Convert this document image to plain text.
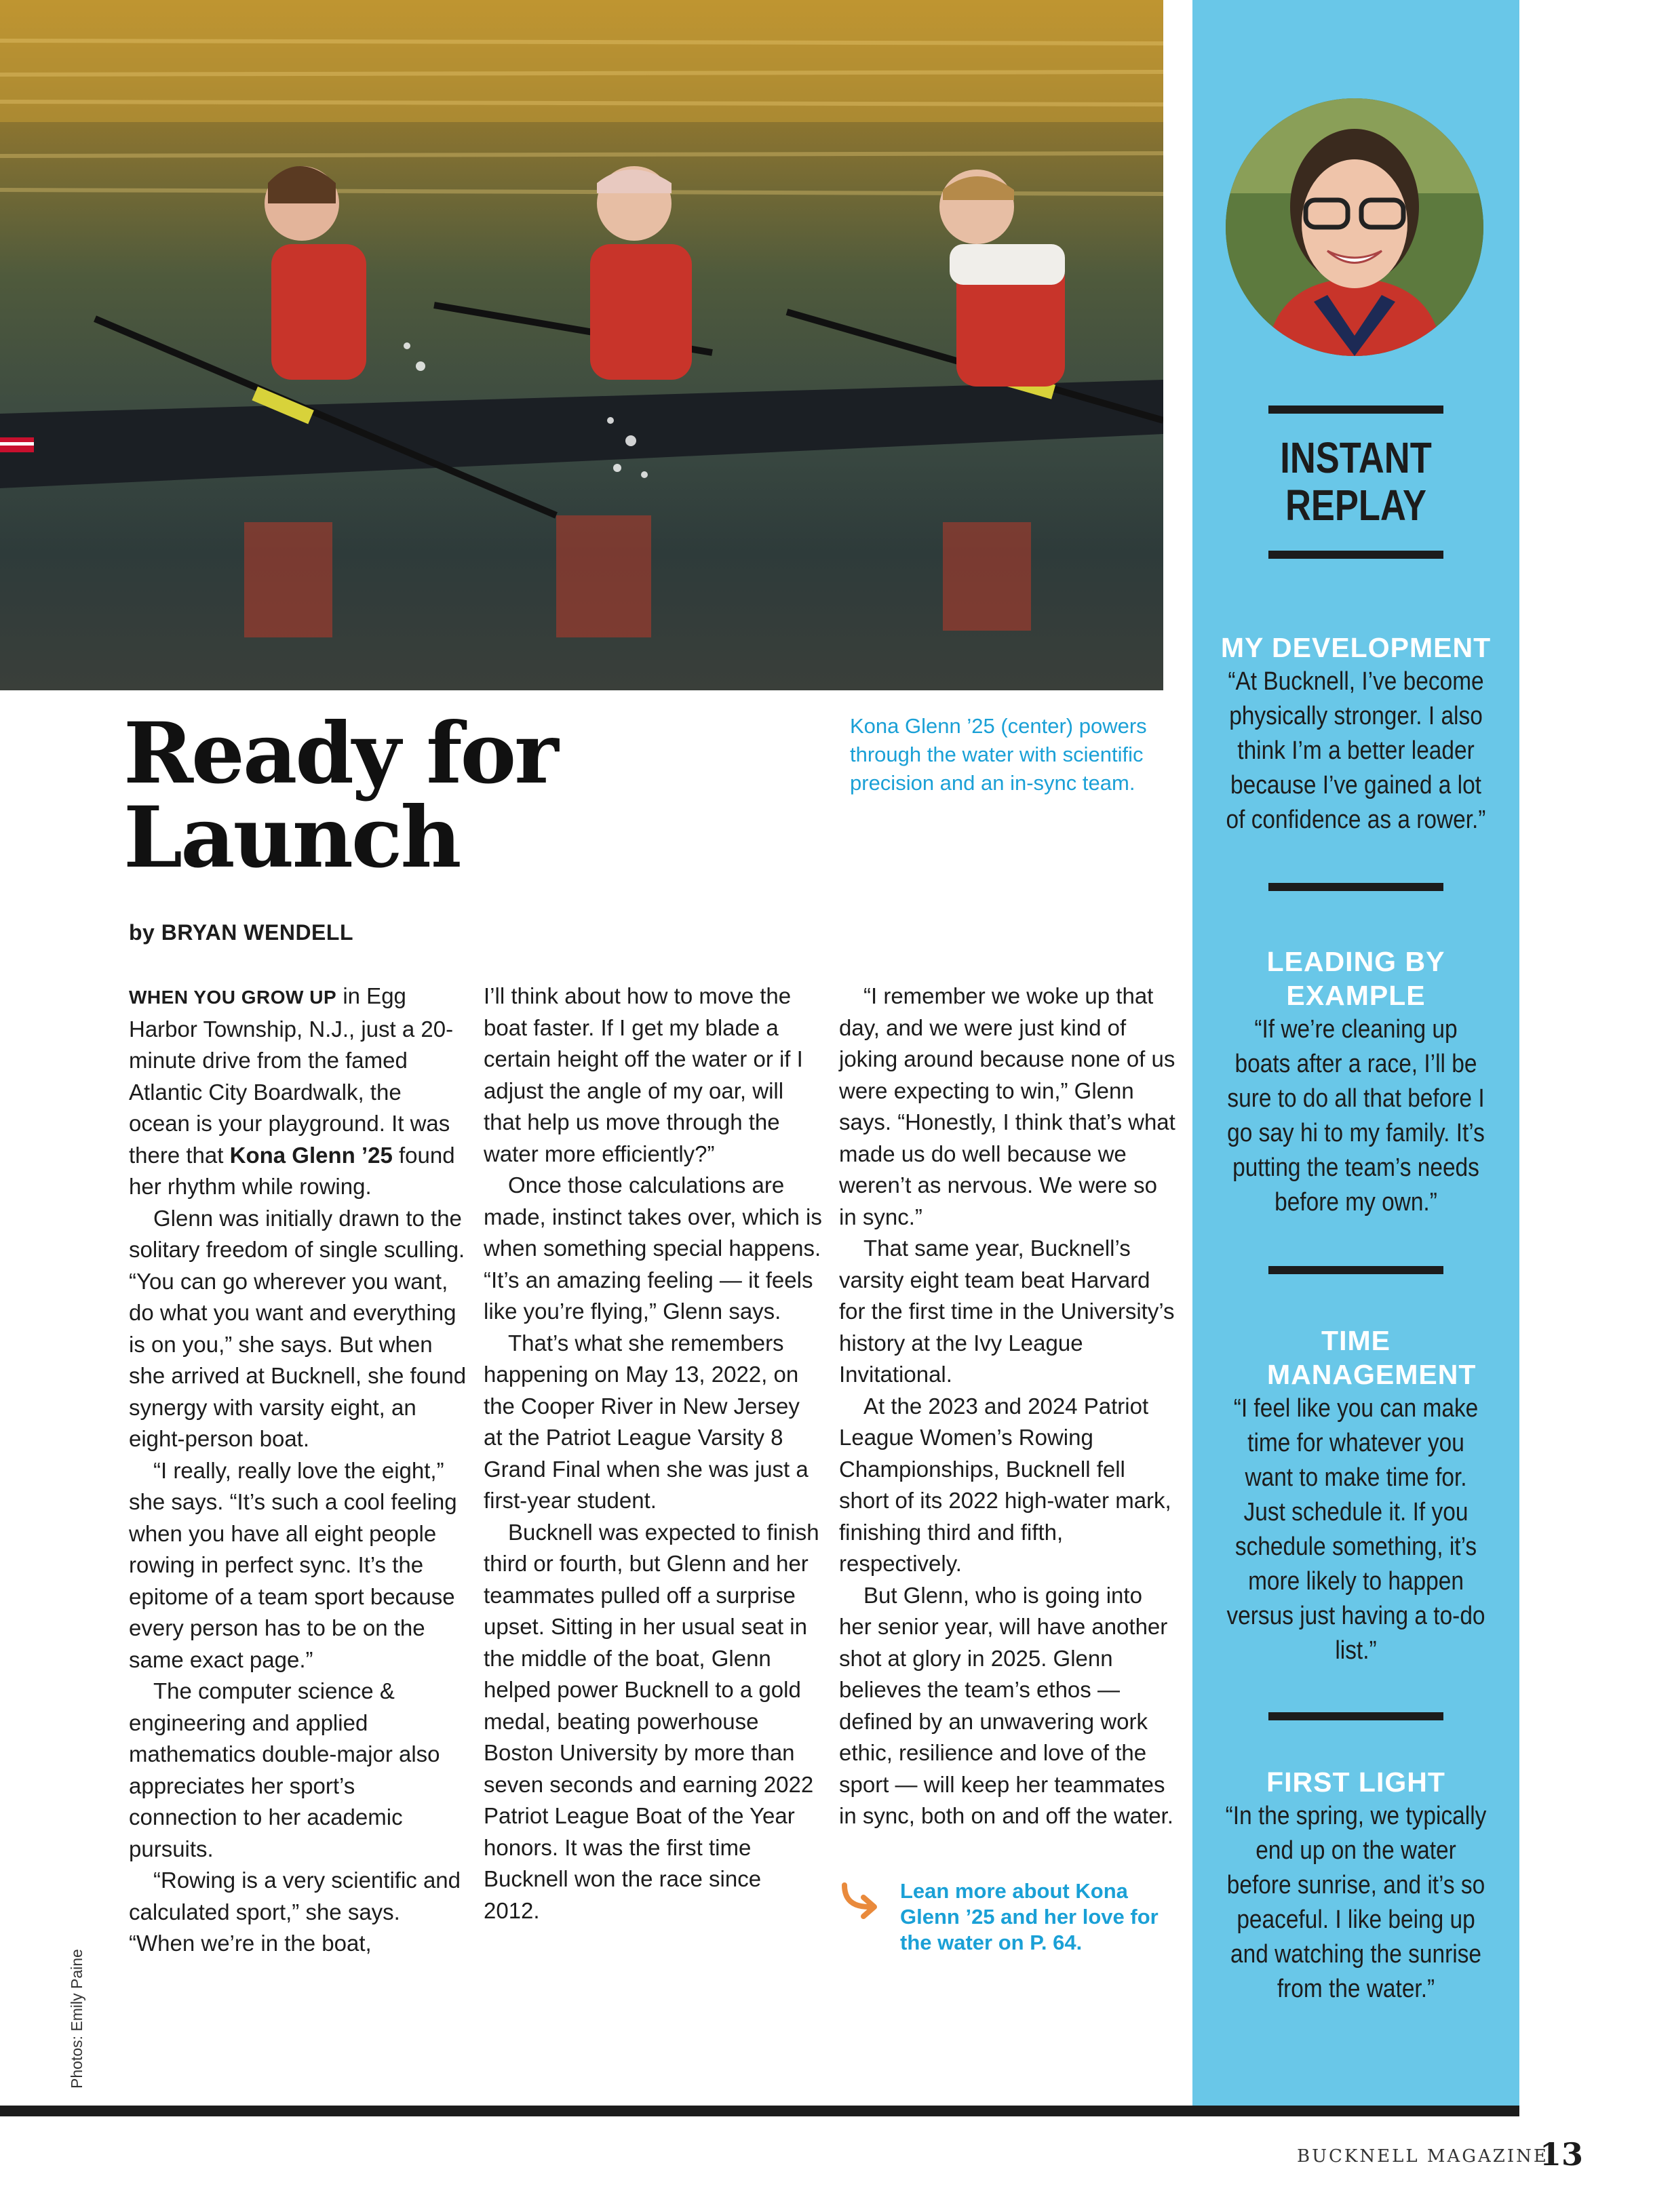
INSTANT
REPLAY
MY DEVELOPMENT
“At Bucknell, I’ve become physically stronger. I also think I’m a better leader because I’ve gained a lot of confidence as a rower.”
LEADING BY EXAMPLE
“If we’re cleaning up boats after a race, I’ll be sure to do all that before I go say hi to my family. It’s putting the team’s needs before my own.”
TIME MANAGEMENT
“I feel like you can make time for whatever you want to make time for. Just schedule it. If you schedule something, it’s more likely to happen versus just having a to-do list.”
FIRST LIGHT
“In the spring, we typically end up on the water before sunrise, and it’s so peaceful. I like being up and watching the sunrise from the water.”
Ready for
Launch
by BRYAN WENDELL
Kona Glenn ’25 (center) powers through the water with scientific precision and an in-sync team.

WHEN YOU GROW UP in Egg Harbor Township, N.J., just a 20-minute drive from the famed Atlantic City Boardwalk, the ocean is your playground. It was there that Kona Glenn ’25 found her rhythm while rowing.

Glenn was initially drawn to the solitary freedom of single sculling. “You can go wherever you want, do what you want and everything is on you,” she says. But when she arrived at Bucknell, she found synergy with varsity eight, an eight-person boat.

“I really, really love the eight,” she says. “It’s such a cool feeling when you have all eight people rowing in perfect sync. It’s the epitome of a team sport because every person has to be on the same exact page.”

The computer science & engineering and applied mathematics double-major also appreciates her sport’s connection to her academic pursuits.

“Rowing is a very scientific and calculated sport,” she says. “When we’re in the boat,

I’ll think about how to move the boat faster. If I get my blade a certain height off the water or if I adjust the angle of my oar, will that help us move through the water more efficiently?”

Once those calculations are made, instinct takes over, which is when something special happens. “It’s an amazing feeling — it feels like you’re flying,” Glenn says.

That’s what she remembers happening on May 13, 2022, on the Cooper River in New Jersey at the Patriot League Varsity 8 Grand Final when she was just a first-year student.

Bucknell was expected to finish third or fourth, but Glenn and her teammates pulled off a surprise upset. Sitting in her usual seat in the middle of the boat, Glenn helped power Bucknell to a gold medal, beating powerhouse Boston University by more than seven seconds and earning 2022 Patriot League Boat of the Year honors. It was the first time Bucknell won the race since 2012.

“I remember we woke up that day, and we were just kind of joking around because none of us were expecting to win,” Glenn says. “Honestly, I think that’s what made us do well because we weren’t as nervous. We were so in sync.”

That same year, Bucknell’s varsity eight team beat Harvard for the first time in the University’s history at the Ivy League Invitational.

At the 2023 and 2024 Patriot League Women’s Rowing Championships, Bucknell fell short of its 2022 high-water mark, finishing third and fifth, respectively.

But Glenn, who is going into her senior year, will have another shot at glory in 2025. Glenn believes the team’s ethos — defined by an unwavering work ethic, resilience and love of the sport — will keep her teammates in sync, both on and off the water.

Lean more about Kona Glenn ’25 and her love for the water on P. 64.
Photos: Emily Paine
BUCKNELL MAGAZINE
13
